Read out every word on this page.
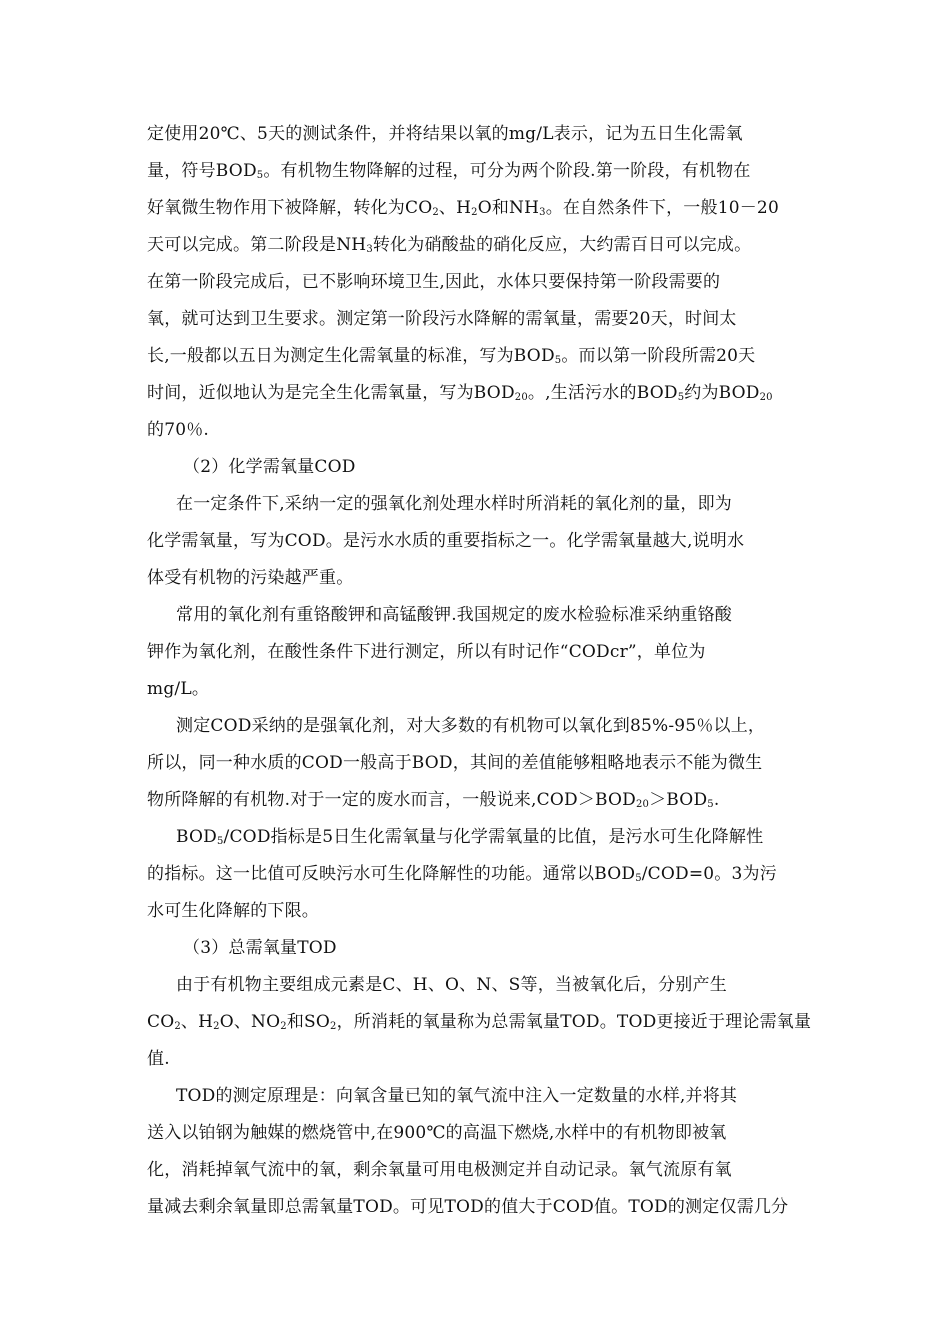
定使用20℃、5天的测试条件，并将结果以氧的mg/L表示，记为五日生化需氧
量，符号$BOD_5$。有机物生物降解的过程，可分为两个阶段.第一阶段，有机物在
好氧微生物作用下被降解，转化为$CO_2$、$H_2O$和$NH_3$。在自然条件下，一般10－20
天可以完成。第二阶段是$NH_3$转化为硝酸盐的硝化反应，大约需百日可以完成。
在第一阶段完成后，已不影响环境卫生,因此，水体只要保持第一阶段需要的
氧，就可达到卫生要求。测定第一阶段污水降解的需氧量，需要20天，时间太
长,一般都以五日为测定生化需氧量的标准，写为$BOD_5$。而以第一阶段所需20天
时间，近似地认为是完全生化需氧量，写为$BOD_{20}$。,生活污水的$BOD_5$约为$BOD_{20}$
的70％.
（2）化学需氧量COD
在一定条件下,采纳一定的强氧化剂处理水样时所消耗的氧化剂的量，即为
化学需氧量，写为COD。是污水水质的重要指标之一。化学需氧量越大,说明水
体受有机物的污染越严重。
常用的氧化剂有重铬酸钾和高锰酸钾.我国规定的废水检验标准采纳重铬酸
钾作为氧化剂，在酸性条件下进行测定，所以有时记作“CODcr”，单位为
mg/L。
测定COD采纳的是强氧化剂，对大多数的有机物可以氧化到85%-95％以上，
所以，同一种水质的COD一般高于BOD，其间的差值能够粗略地表示不能为微生
物所降解的有机物.对于一定的废水而言，一般说来$,COD>BOD_{20}>BOD_5$.
$BOD_5$/COD指标是5日生化需氧量与化学需氧量的比值，是污水可生化降解性
的指标。这一比值可反映污水可生化降解性的功能。通常以$BOD_5/COD=0$。3为污
水可生化降解的下限。
（3）总需氧量TOD
由于有机物主要组成元素是C、H、O、N、S等，当被氧化后，分别产生
$CO_2$、$H_2O$、$NO_2$和$SO_2$，所消耗的氧量称为总需氧量TOD。TOD更接近于理论需氧量
值.
TOD的测定原理是：向氧含量已知的氧气流中注入一定数量的水样,并将其
送入以铂钢为触媒的燃烧管中,在900℃的高温下燃烧,水样中的有机物即被氧
化，消耗掉氧气流中的氧，剩余氧量可用电极测定并自动记录。氧气流原有氧
量减去剩余氧量即总需氧量TOD。可见TOD的值大于COD值。TOD的测定仅需几分
